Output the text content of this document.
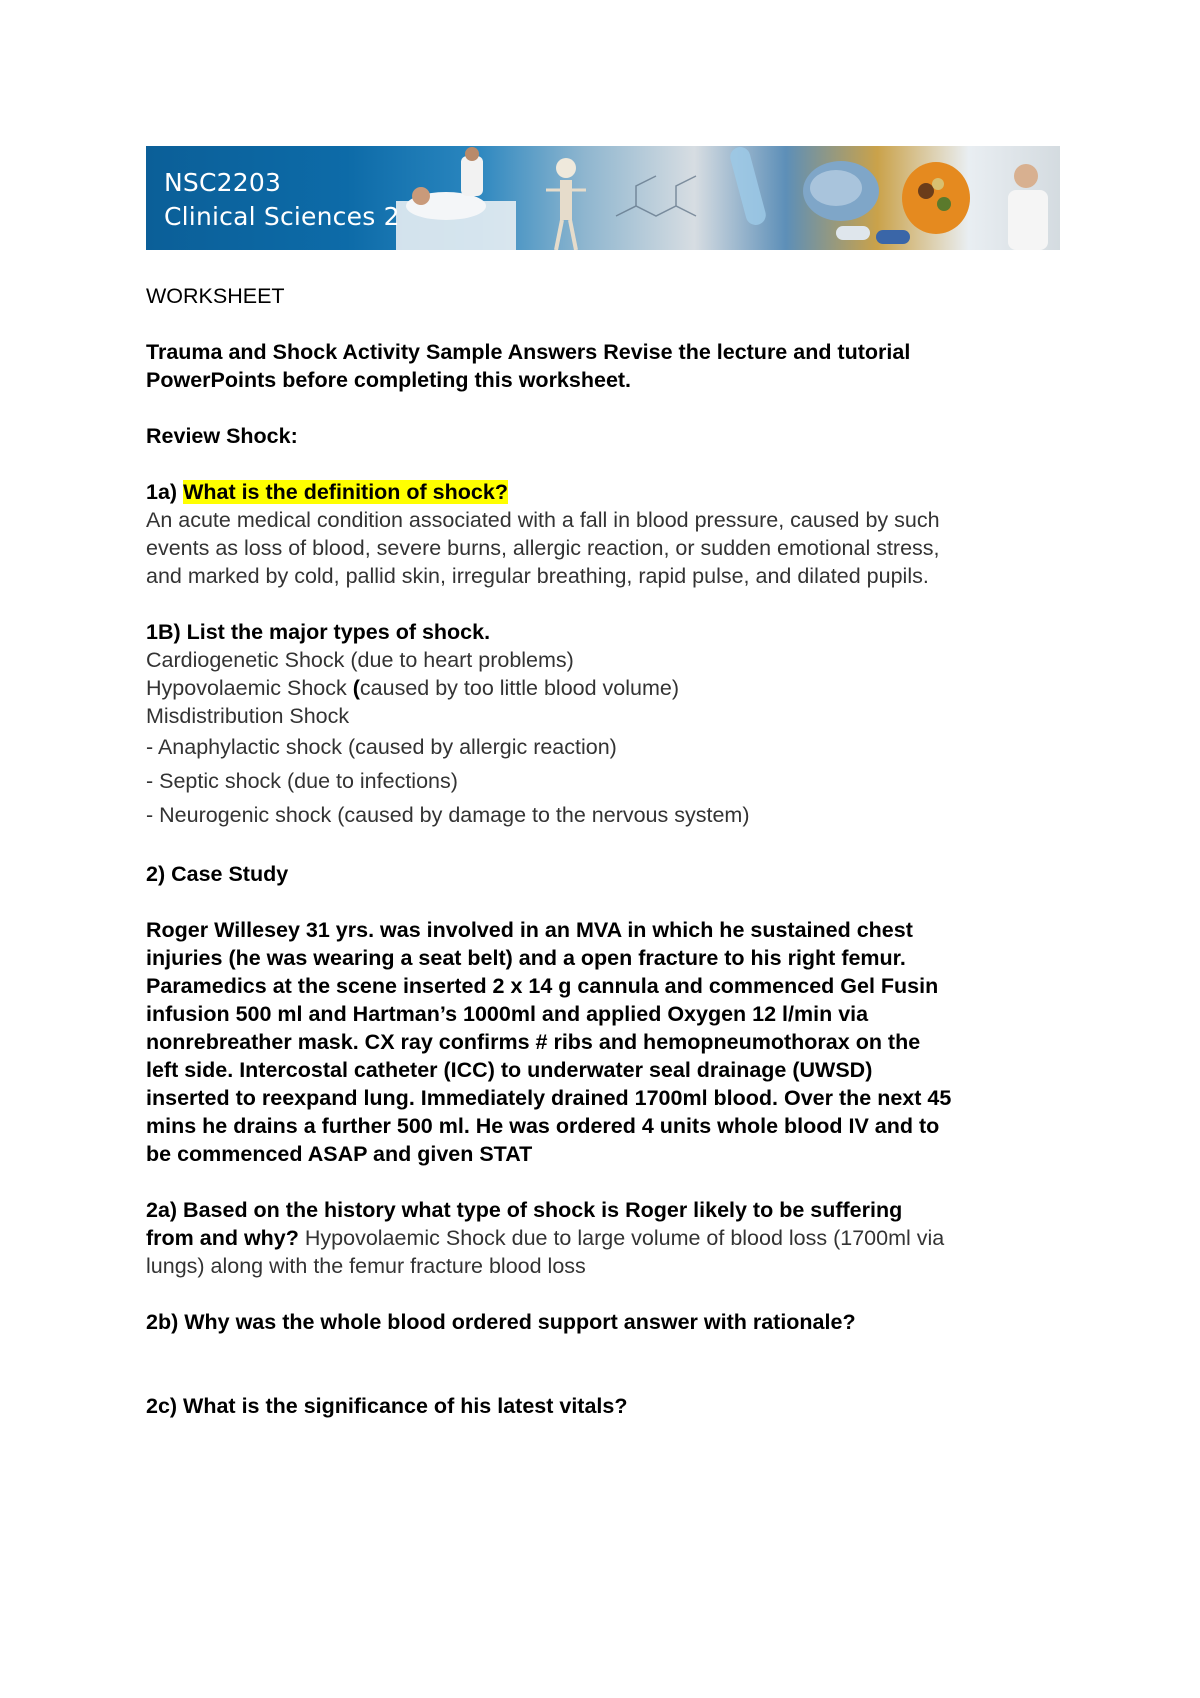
NSC2203
Clinical Sciences 2

WORKSHEET

Trauma and Shock Activity Sample Answers Revise the lecture and tutorial

PowerPoints before completing this worksheet.

Review Shock:

1a) What is the definition of shock?

An acute medical condition associated with a fall in blood pressure, caused by such

events as loss of blood, severe burns, allergic reaction, or sudden emotional stress,

and marked by cold, pallid skin, irregular breathing, rapid pulse, and dilated pupils.

1B) List the major types of shock.

Cardiogenetic Shock (due to heart problems)

Hypovolaemic Shock (caused by too little blood volume)

Misdistribution Shock

- Anaphylactic shock (caused by allergic reaction)

- Septic shock (due to infections)

- Neurogenic shock (caused by damage to the nervous system)

2) Case Study

Roger Willesey 31 yrs. was involved in an MVA in which he sustained chest

injuries (he was wearing a seat belt) and a open fracture to his right femur.

Paramedics at the scene inserted 2 x 14 g cannula and commenced Gel Fusin

infusion 500 ml and Hartman’s 1000ml and applied Oxygen 12 l/min via

nonrebreather mask. CX ray confirms # ribs and hemopneumothorax on the

left side. Intercostal catheter (ICC) to underwater seal drainage (UWSD)

inserted to reexpand lung. Immediately drained 1700ml blood. Over the next 45

mins he drains a further 500 ml. He was ordered 4 units whole blood IV and to

be commenced ASAP and given STAT

2a) Based on the history what type of shock is Roger likely to be suffering

from and why? Hypovolaemic Shock due to large volume of blood loss (1700ml via

lungs) along with the femur fracture blood loss

2b) Why was the whole blood ordered support answer with rationale?

2c) What is the significance of his latest vitals?
